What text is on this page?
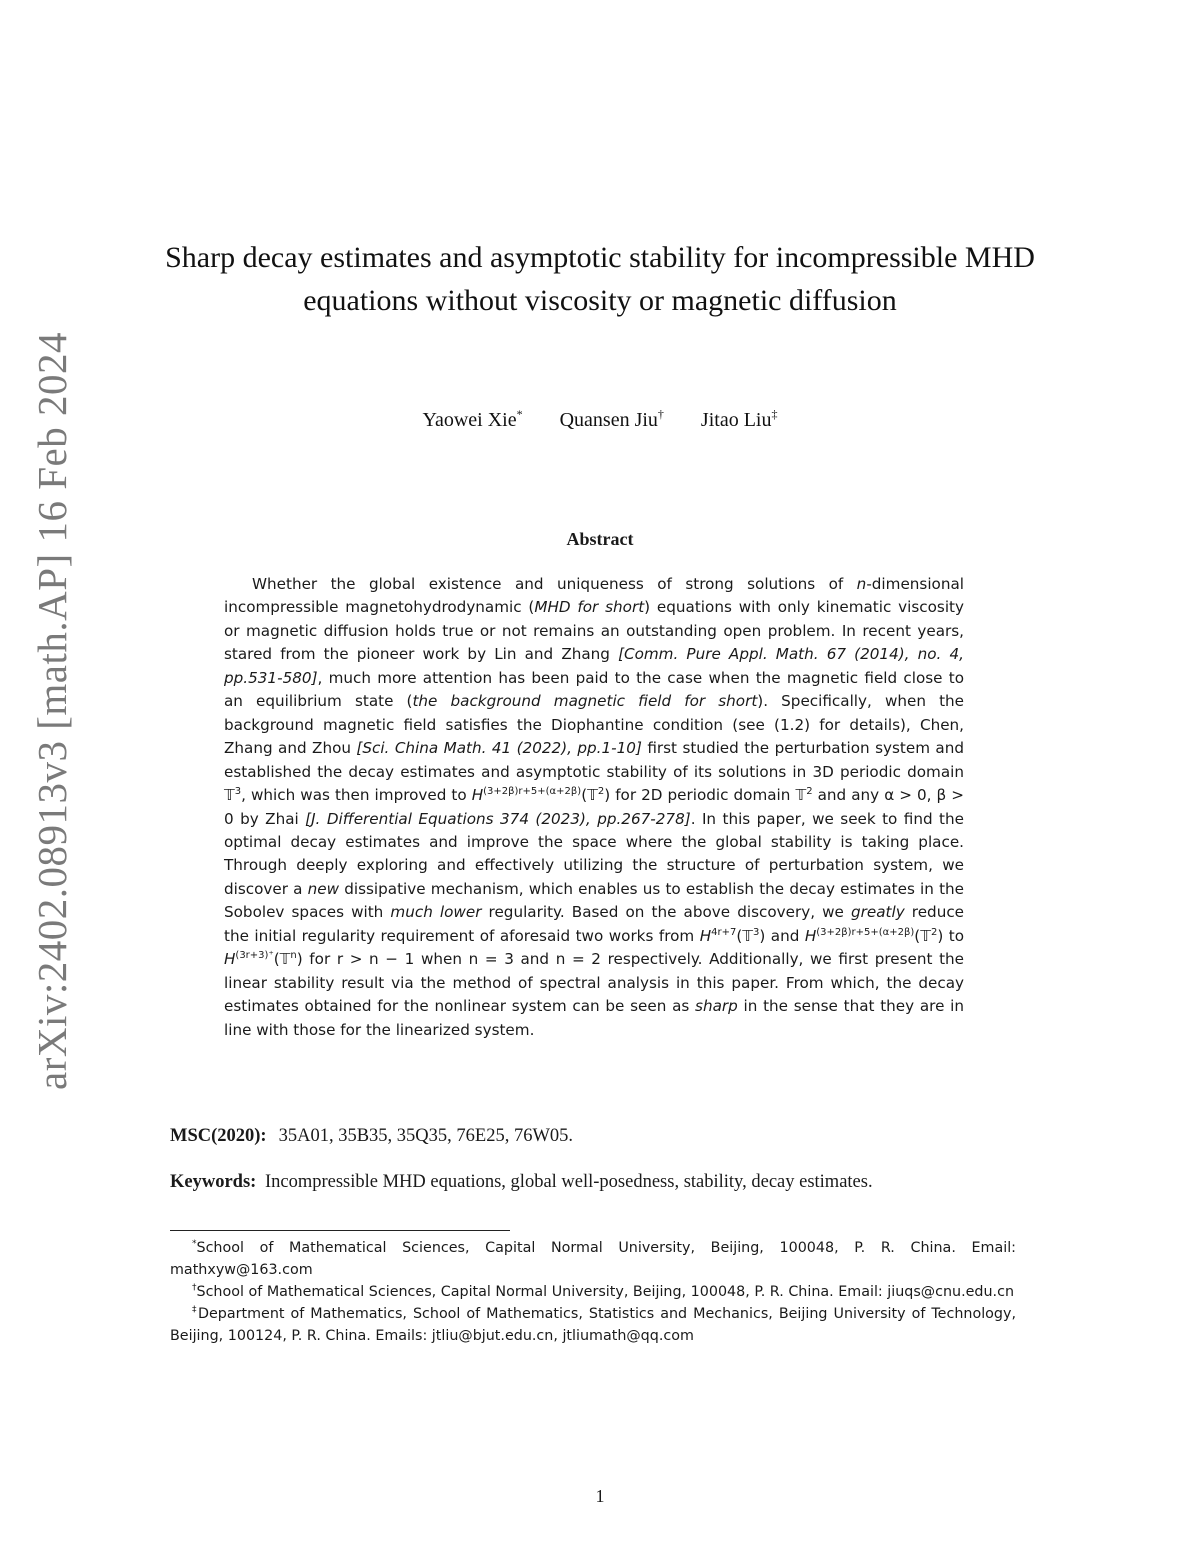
arXiv:2402.08913v3 [math.AP] 16 Feb 2024
Sharp decay estimates and asymptotic stability for incompressible MHD equations without viscosity or magnetic diffusion
Yaowei Xie* Quansen Jiu† Jitao Liu‡
Abstract

Whether the global existence and uniqueness of strong solutions of n-dimensional incompressible magnetohydrodynamic (MHD for short) equations with only kinematic viscosity or magnetic diffusion holds true or not remains an outstanding open problem. In recent years, stared from the pioneer work by Lin and Zhang [Comm. Pure Appl. Math. 67 (2014), no. 4, pp.531-580], much more attention has been paid to the case when the magnetic field close to an equilibrium state (the background magnetic field for short). Specifically, when the background magnetic field satisfies the Diophantine condition (see (1.2) for details), Chen, Zhang and Zhou [Sci. China Math. 41 (2022), pp.1-10] first studied the perturbation system and established the decay estimates and asymptotic stability of its solutions in 3D periodic domain 𝕋$^3$, which was then improved to $H^{(3+2\beta)r+5+(\alpha+2\beta)}(𝕋^2)$ for 2D periodic domain 𝕋$^2$ and any α > 0, β > 0 by Zhai [J. Differential Equations 374 (2023), pp.267-278]. In this paper, we seek to find the optimal decay estimates and improve the space where the global stability is taking place. Through deeply exploring and effectively utilizing the structure of perturbation system, we discover a new dissipative mechanism, which enables us to establish the decay estimates in the Sobolev spaces with much lower regularity. Based on the above discovery, we greatly reduce the initial regularity requirement of aforesaid two works from $H^{4r+7}(𝕋^3)$ and $H^{(3+2\beta)r+5+(\alpha+2\beta)}(𝕋^2)$ to $H^{(3r+3)^+}(𝕋^n)$ for r > n − 1 when n = 3 and n = 2 respectively. Additionally, we first present the linear stability result via the method of spectral analysis in this paper. From which, the decay estimates obtained for the nonlinear system can be seen as sharp in the sense that they are in line with those for the linearized system.

MSC(2020): 35A01, 35B35, 35Q35, 76E25, 76W05.
Keywords: Incompressible MHD equations, global well-posedness, stability, decay estimates.

*School of Mathematical Sciences, Capital Normal University, Beijing, 100048, P. R. China. Email: mathxyw@163.com

†School of Mathematical Sciences, Capital Normal University, Beijing, 100048, P. R. China. Email: jiuqs@cnu.edu.cn

‡Department of Mathematics, School of Mathematics, Statistics and Mechanics, Beijing University of Technology, Beijing, 100124, P. R. China. Emails: jtliu@bjut.edu.cn, jtliumath@qq.com

1
